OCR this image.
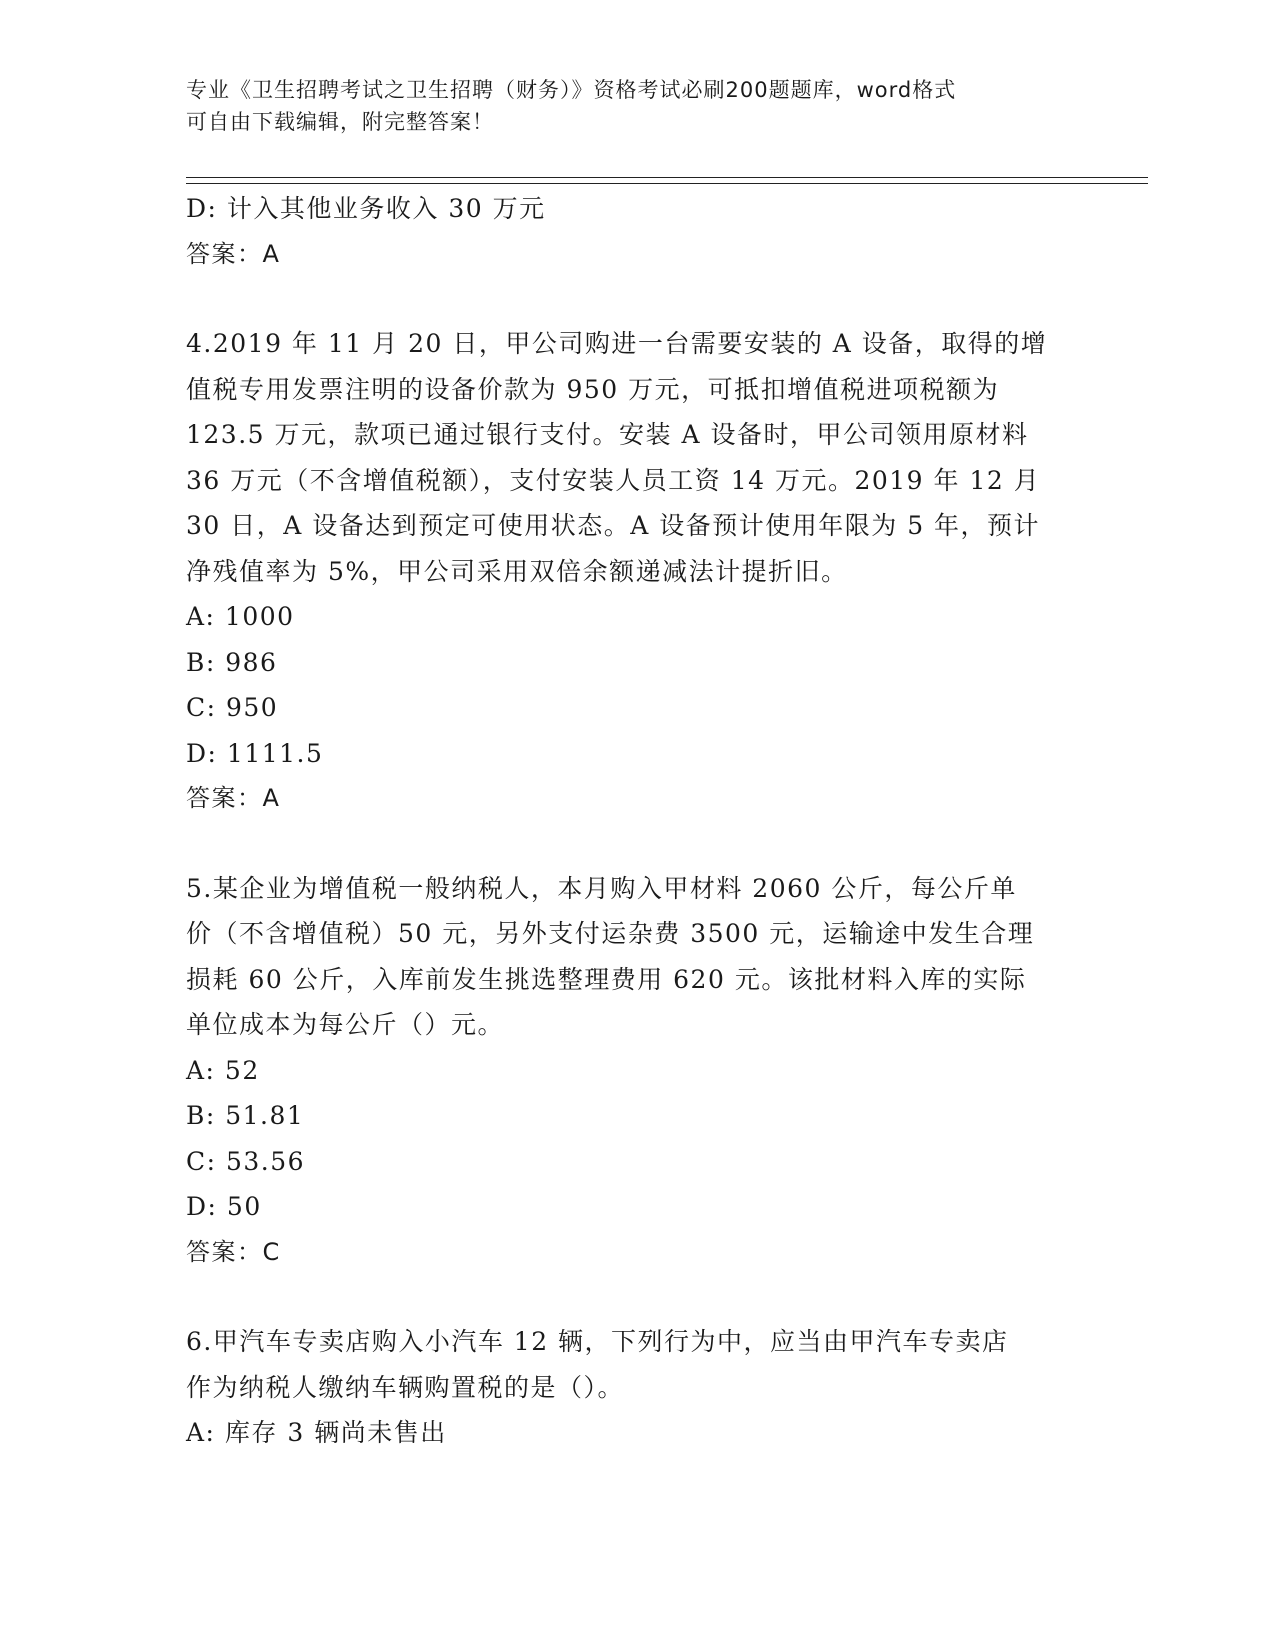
专业《卫生招聘考试之卫生招聘（财务）》资格考试必刷200题题库，word格式
可自由下载编辑，附完整答案！
D: 计入其他业务收入 30 万元
答案：A
4.2019 年 11 月 20 日，甲公司购进一台需要安装的 A 设备，取得的增
值税专用发票注明的设备价款为 950 万元，可抵扣增值税进项税额为
123.5 万元，款项已通过银行支付。安装 A 设备时，甲公司领用原材料
36 万元（不含增值税额），支付安装人员工资 14 万元。2019 年 12 月
30 日，A 设备达到预定可使用状态。A 设备预计使用年限为 5 年，预计
净残值率为 5%，甲公司采用双倍余额递减法计提折旧。
A: 1000
B: 986
C: 950
D: 1111.5
答案：A
5.某企业为增值税一般纳税人，本月购入甲材料 2060 公斤，每公斤单
价（不含增值税）50 元，另外支付运杂费 3500 元，运输途中发生合理
损耗 60 公斤，入库前发生挑选整理费用 620 元。该批材料入库的实际
单位成本为每公斤（）元。
A: 52
B: 51.81
C: 53.56
D: 50
答案：C
6.甲汽车专卖店购入小汽车 12 辆，下列行为中，应当由甲汽车专卖店
作为纳税人缴纳车辆购置税的是（）。
A: 库存 3 辆尚未售出
